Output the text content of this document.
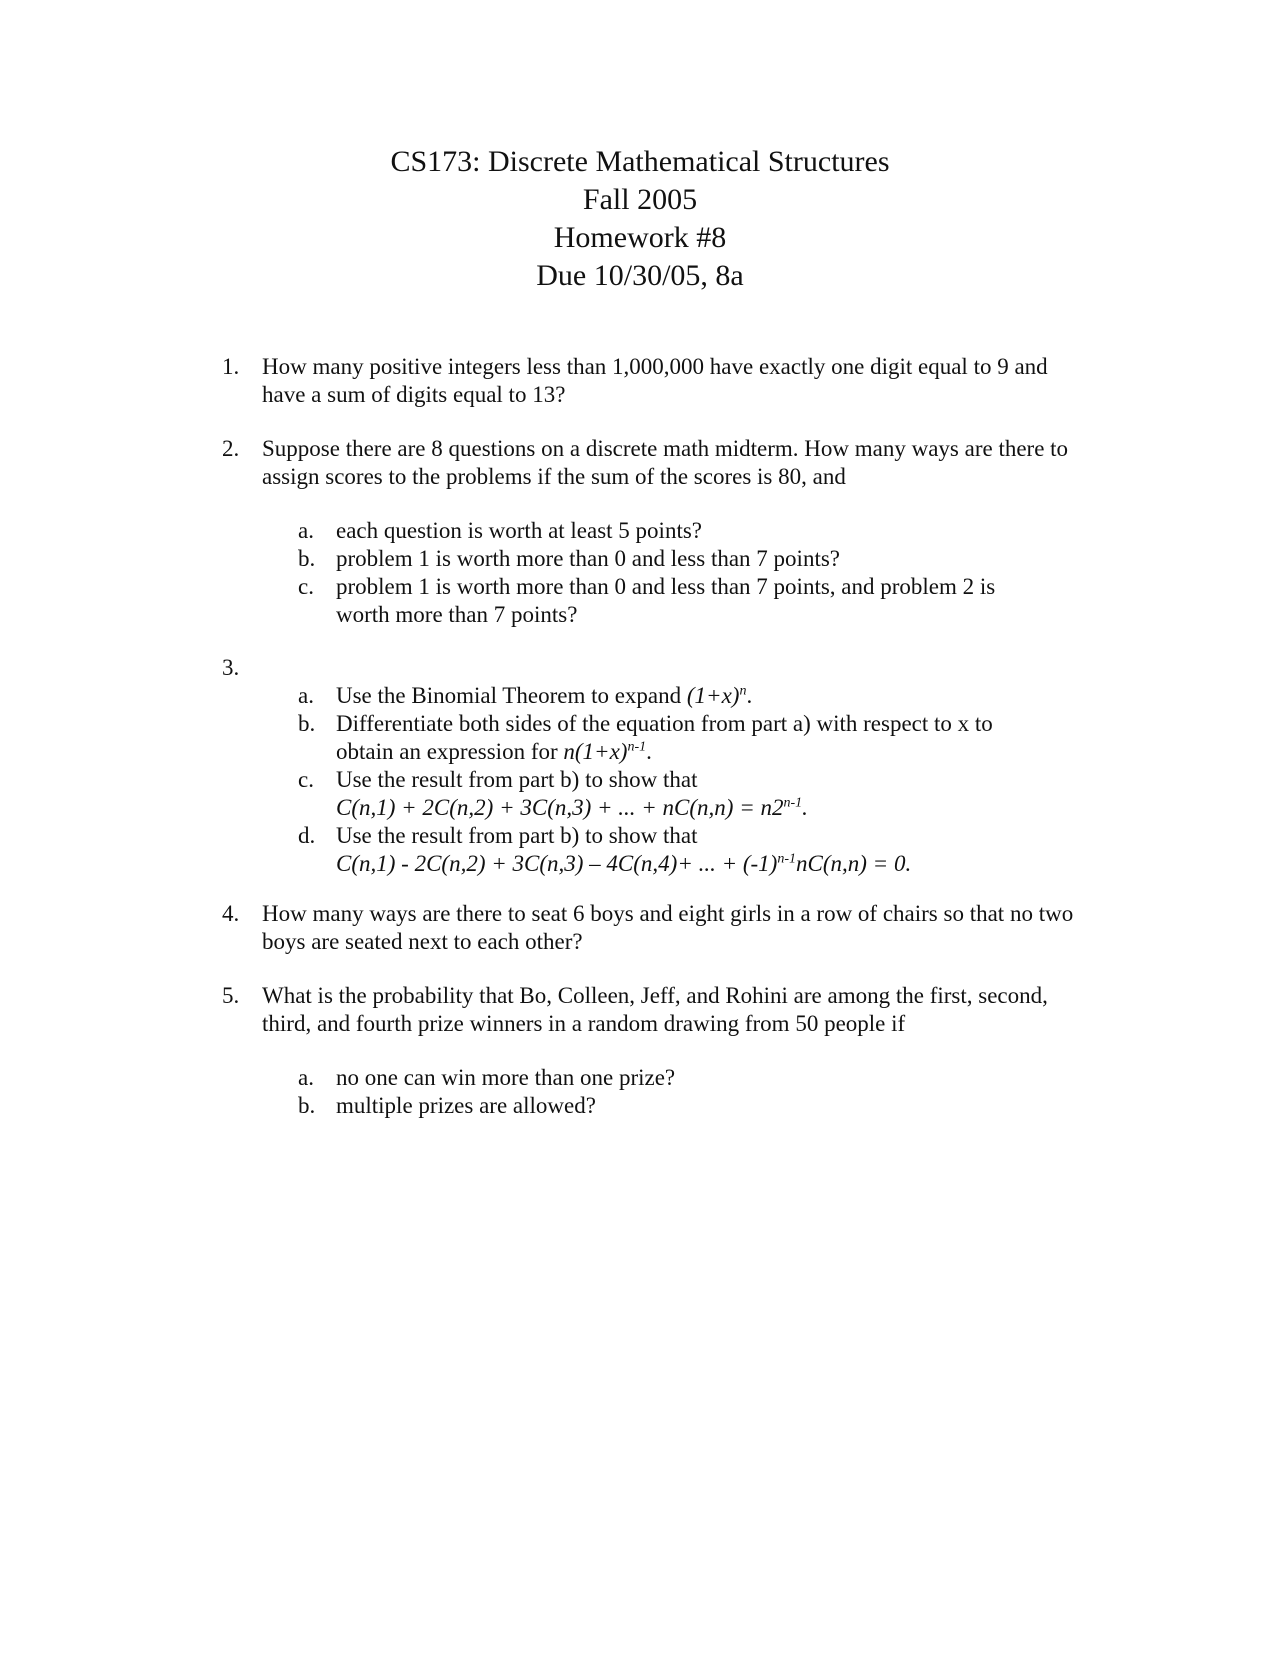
CS173: Discrete Mathematical Structures
Fall 2005
Homework #8
Due 10/30/05, 8a
1. How many positive integers less than 1,000,000 have exactly one digit equal to 9 and have a sum of digits equal to 13?
2. Suppose there are 8 questions on a discrete math midterm. How many ways are there to assign scores to the problems if the sum of the scores is 80, and
a. each question is worth at least 5 points?
b. problem 1 is worth more than 0 and less than 7 points?
c. problem 1 is worth more than 0 and less than 7 points, and problem 2 is worth more than 7 points?
3.
a. Use the Binomial Theorem to expand $(1+x)^n$.
b. Differentiate both sides of the equation from part a) with respect to x to obtain an expression for $n(1+x)^{n-1}$.
c. Use the result from part b) to show that
C(n,1) + 2C(n,2) + 3C(n,3) + ... + $nC(n,n) = n2^{n-1}$.
d. Use the result from part b) to show that
C(n,1) - 2C(n,2) + 3C(n,3) – 4C(n,4)+ ... + $(-1)^{n-1}nC(n,n) = 0$.
4. How many ways are there to seat 6 boys and eight girls in a row of chairs so that no two boys are seated next to each other?
5. What is the probability that Bo, Colleen, Jeff, and Rohini are among the first, second, third, and fourth prize winners in a random drawing from 50 people if
a. no one can win more than one prize?
b. multiple prizes are allowed?
